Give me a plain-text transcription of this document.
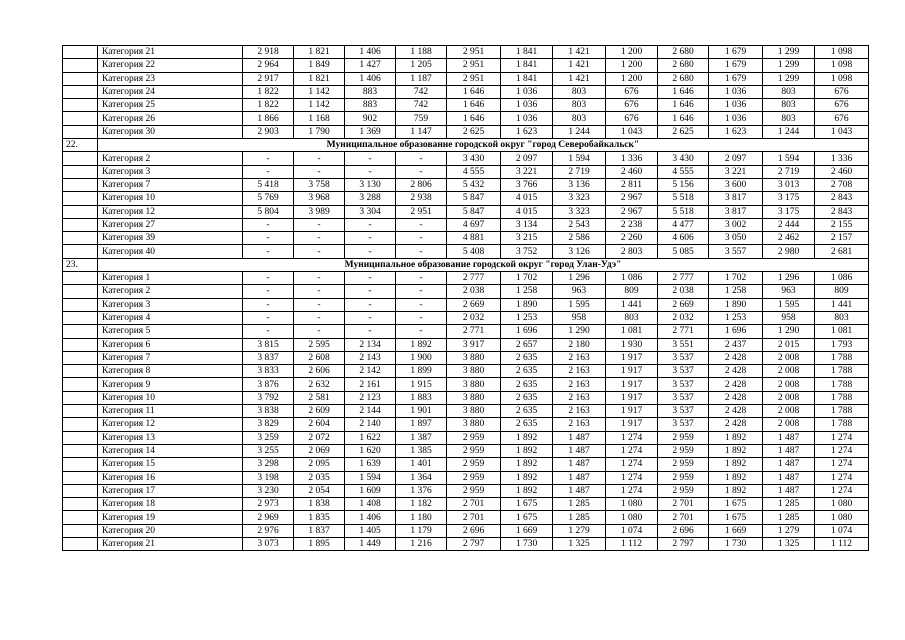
	Категория 21	2 918	1 821	1 406	1 188	2 951	1 841	1 421	1 200	2 680	1 679	1 299	1 098
	Категория 22	2 964	1 849	1 427	1 205	2 951	1 841	1 421	1 200	2 680	1 679	1 299	1 098
	Категория 23	2 917	1 821	1 406	1 187	2 951	1 841	1 421	1 200	2 680	1 679	1 299	1 098
	Категория 24	1 822	1 142	883	742	1 646	1 036	803	676	1 646	1 036	803	676
	Категория 25	1 822	1 142	883	742	1 646	1 036	803	676	1 646	1 036	803	676
	Категория 26	1 866	1 168	902	759	1 646	1 036	803	676	1 646	1 036	803	676
	Категория 30	2 903	1 790	1 369	1 147	2 625	1 623	1 244	1 043	2 625	1 623	1 244	1 043
22.	Муниципальное образование городской округ "город Северобайкальск"												
	Категория 2	-	-	-	-	3 430	2 097	1 594	1 336	3 430	2 097	1 594	1 336
	Категория 3	-	-	-	-	4 555	3 221	2 719	2 460	4 555	3 221	2 719	2 460
	Категория 7	5 418	3 758	3 130	2 806	5 432	3 766	3 136	2 811	5 156	3 600	3 013	2 708
	Категория 10	5 769	3 968	3 288	2 938	5 847	4 015	3 323	2 967	5 518	3 817	3 175	2 843
	Категория 12	5 804	3 989	3 304	2 951	5 847	4 015	3 323	2 967	5 518	3 817	3 175	2 843
	Категория 27	-	-	-	-	4 697	3 134	2 543	2 238	4 477	3 002	2 444	2 155
	Категория 39	-	-	-	-	4 881	3 215	2 586	2 260	4 606	3 050	2 462	2 157
	Категория 40	-	-	-	-	5 408	3 752	3 126	2 803	5 085	3 557	2 980	2 681
23.	Муниципальное образование городской округ "город Улан-Удэ"												
	Категория 1	-	-	-	-	2 777	1 702	1 296	1 086	2 777	1 702	1 296	1 086
	Категория 2	-	-	-	-	2 038	1 258	963	809	2 038	1 258	963	809
	Категория 3	-	-	-	-	2 669	1 890	1 595	1 441	2 669	1 890	1 595	1 441
	Категория 4	-	-	-	-	2 032	1 253	958	803	2 032	1 253	958	803
	Категория 5	-	-	-	-	2 771	1 696	1 290	1 081	2 771	1 696	1 290	1 081
	Категория 6	3 815	2 595	2 134	1 892	3 917	2 657	2 180	1 930	3 551	2 437	2 015	1 793
	Категория 7	3 837	2 608	2 143	1 900	3 880	2 635	2 163	1 917	3 537	2 428	2 008	1 788
	Категория 8	3 833	2 606	2 142	1 899	3 880	2 635	2 163	1 917	3 537	2 428	2 008	1 788
	Категория 9	3 876	2 632	2 161	1 915	3 880	2 635	2 163	1 917	3 537	2 428	2 008	1 788
	Категория 10	3 792	2 581	2 123	1 883	3 880	2 635	2 163	1 917	3 537	2 428	2 008	1 788
	Категория 11	3 838	2 609	2 144	1 901	3 880	2 635	2 163	1 917	3 537	2 428	2 008	1 788
	Категория 12	3 829	2 604	2 140	1 897	3 880	2 635	2 163	1 917	3 537	2 428	2 008	1 788
	Категория 13	3 259	2 072	1 622	1 387	2 959	1 892	1 487	1 274	2 959	1 892	1 487	1 274
	Категория 14	3 255	2 069	1 620	1 385	2 959	1 892	1 487	1 274	2 959	1 892	1 487	1 274
	Категория 15	3 298	2 095	1 639	1 401	2 959	1 892	1 487	1 274	2 959	1 892	1 487	1 274
	Категория 16	3 198	2 035	1 594	1 364	2 959	1 892	1 487	1 274	2 959	1 892	1 487	1 274
	Категория 17	3 230	2 054	1 609	1 376	2 959	1 892	1 487	1 274	2 959	1 892	1 487	1 274
	Категория 18	2 973	1 838	1 408	1 182	2 701	1 675	1 285	1 080	2 701	1 675	1 285	1 080
	Категория 19	2 969	1 835	1 406	1 180	2 701	1 675	1 285	1 080	2 701	1 675	1 285	1 080
	Категория 20	2 976	1 837	1 405	1 179	2 696	1 669	1 279	1 074	2 696	1 669	1 279	1 074
	Категория 21	3 073	1 895	1 449	1 216	2 797	1 730	1 325	1 112	2 797	1 730	1 325	1 112
